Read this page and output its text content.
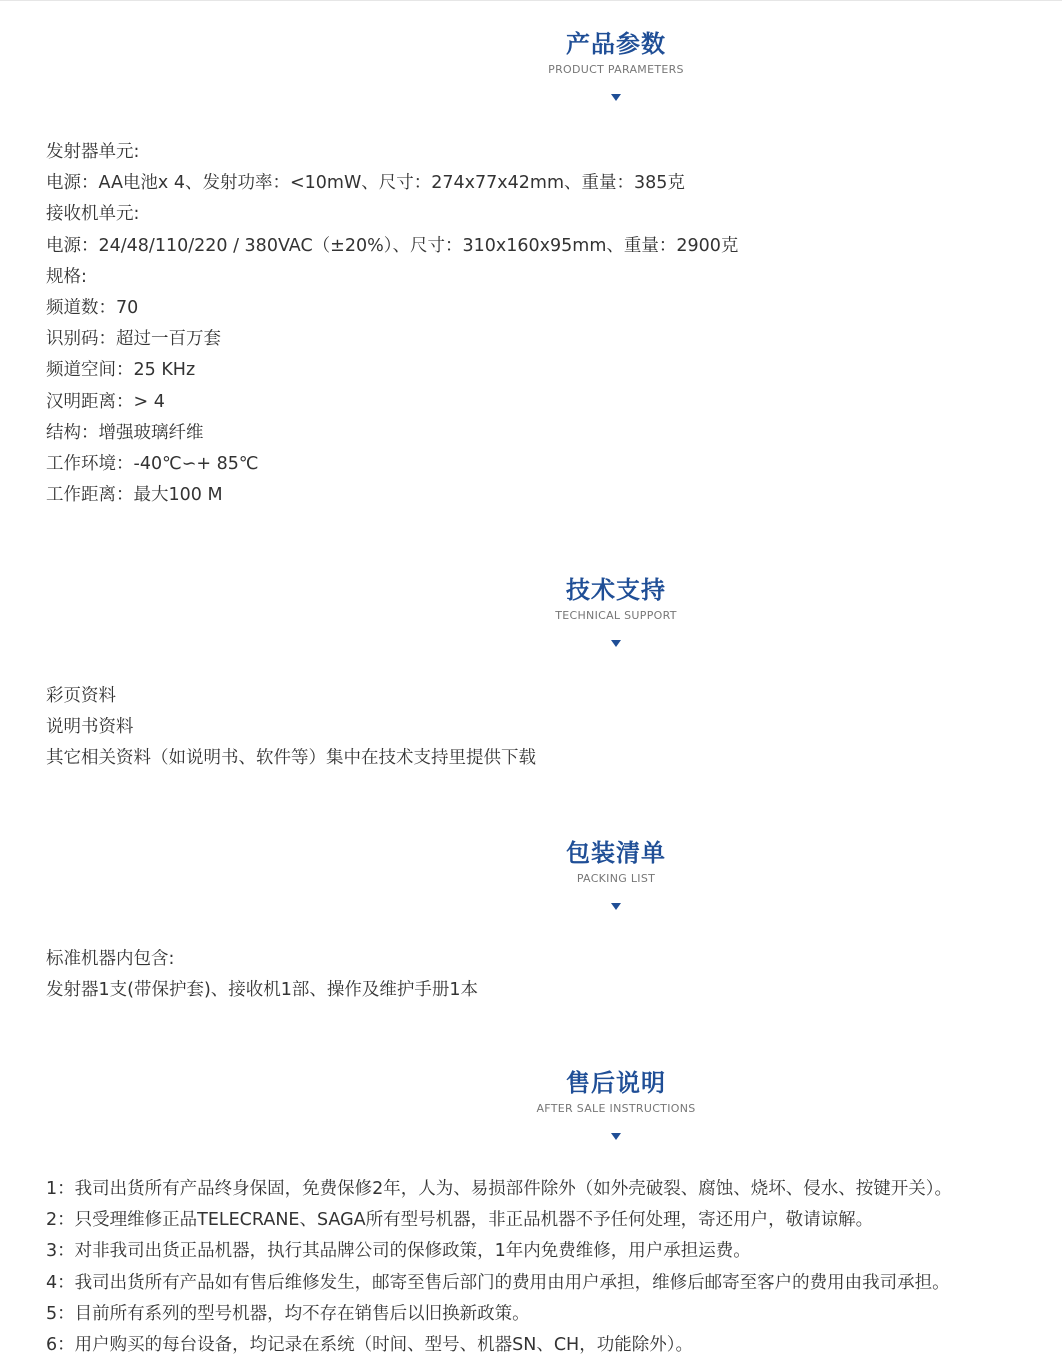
产品参数
PRODUCT PARAMETERS
发射器单元:
电源：AA电池x 4、发射功率：<10mW、尺寸：274x77x42mm、重量：385克
接收机单元:
电源：24/48/110/220 / 380VAC（±20%）、尺寸：310x160x95mm、重量：2900克
规格:
频道数：70
识别码：超过一百万套
频道空间：25 KHz
汉明距离：> 4
结构：增强玻璃纤维
工作环境：-40℃∽+ 85℃
工作距离：最大100 M
技术支持
TECHNICAL SUPPORT
彩页资料
说明书资料
其它相关资料（如说明书、软件等）集中在技术支持里提供下载
包装清单
PACKING LIST
标准机器内包含:
发射器1支(带保护套)、接收机1部、操作及维护手册1本
售后说明
AFTER SALE INSTRUCTIONS
1：我司出货所有产品终身保固，免费保修2年，人为、易损部件除外（如外壳破裂、腐蚀、烧坏、侵水、按键开关）。
2：只受理维修正品TELECRANE、SAGA所有型号机器，非正品机器不予任何处理，寄还用户，敬请谅解。
3：对非我司出货正品机器，执行其品牌公司的保修政策，1年内免费维修，用户承担运费。
4：我司出货所有产品如有售后维修发生，邮寄至售后部门的费用由用户承担，维修后邮寄至客户的费用由我司承担。
5：目前所有系列的型号机器，均不存在销售后以旧换新政策。
6：用户购买的每台设备，均记录在系统（时间、型号、机器SN、CH，功能除外）。
